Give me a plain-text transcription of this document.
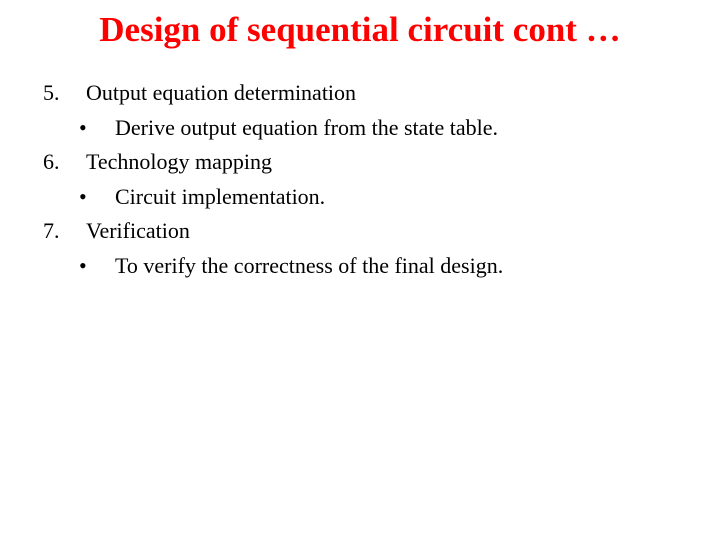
Design of sequential circuit cont …
5. Output equation determination
• Derive output equation from the state table.
6. Technology mapping
• Circuit implementation.
7. Verification
• To verify the correctness of the final design.
